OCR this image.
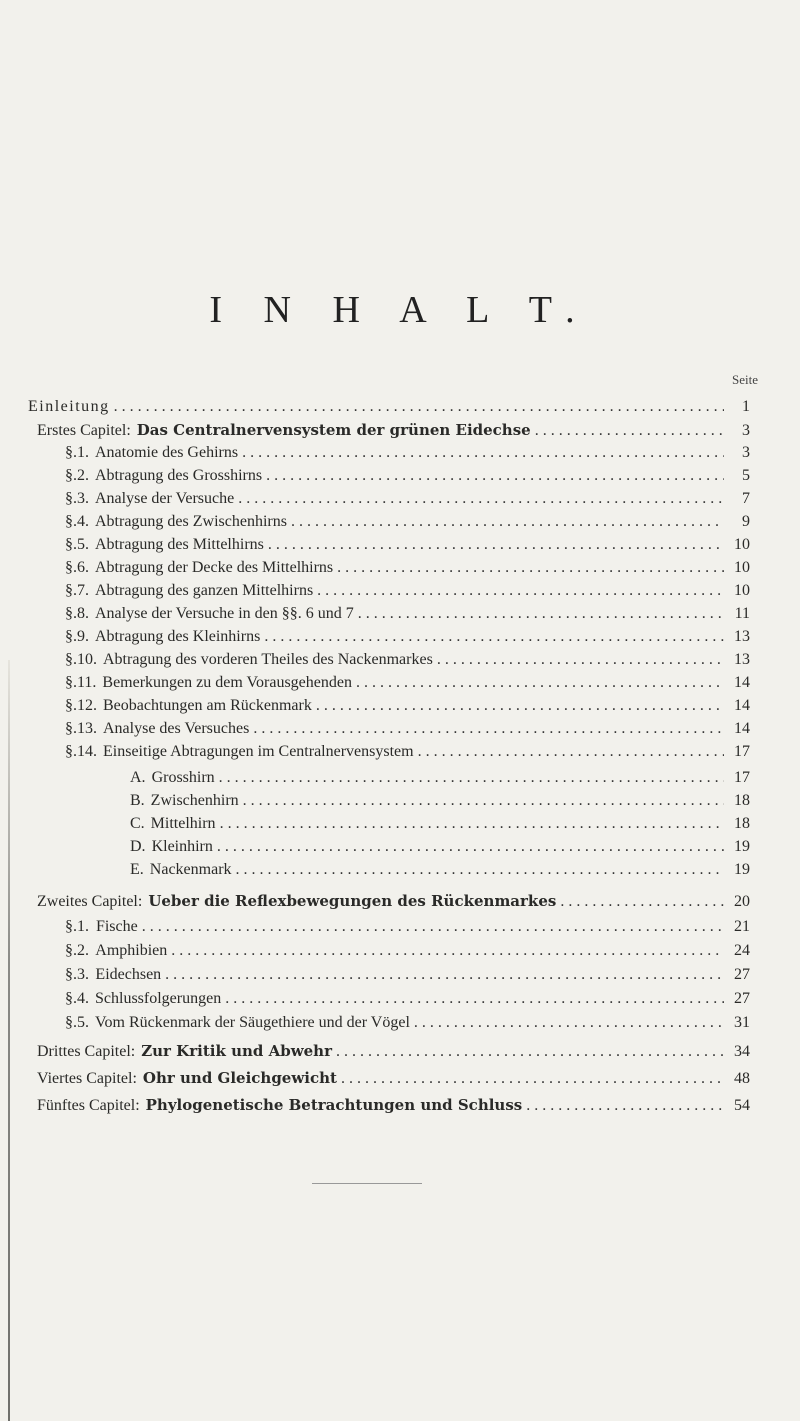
I N H A L T.
Seite
Einleitung . . .	1
Erstes Capitel: Das Centralnervensystem der grünen Eidechse . . .	3
§. 1. Anatomie des Gehirns . . .	3
§. 2. Abtragung des Grosshirns . . .	5
§. 3. Analyse der Versuche . . .	7
§. 4. Abtragung des Zwischenhirns . . .	9
§. 5. Abtragung des Mittelhirns . . .	10
§. 6. Abtragung der Decke des Mittelhirns . . .	10
§. 7. Abtragung des ganzen Mittelhirns . . .	10
§. 8. Analyse der Versuche in den §§. 6 und 7 . . .	11
§. 9. Abtragung des Kleinhirns . . .	13
§. 10. Abtragung des vorderen Theiles des Nackenmarkes . . .	13
§. 11. Bemerkungen zu dem Vorausgehenden . . .	14
§. 12. Beobachtungen am Rückenmark . . .	14
§. 13. Analyse des Versuches . . .	14
§. 14. Einseitige Abtragungen im Centralnervensystem . . .	17
A. Grosshirn . . .	17
B. Zwischenhirn . . .	18
C. Mittelhirn . . .	18
D. Kleinhirn . . .	19
E. Nackenmark . . .	19
Zweites Capitel: Ueber die Reflexbewegungen des Rückenmarkes . . .	20
§. 1. Fische . . .	21
§. 2. Amphibien . . .	24
§. 3. Eidechsen . . .	27
§. 4. Schlussfolgerungen . . .	27
§. 5. Vom Rückenmark der Säugethiere und der Vögel . . .	31
Drittes Capitel: Zur Kritik und Abwehr . . .	34
Viertes Capitel: Ohr und Gleichgewicht . . .	48
Fünftes Capitel: Phylogenetische Betrachtungen und Schluss . . .	54
